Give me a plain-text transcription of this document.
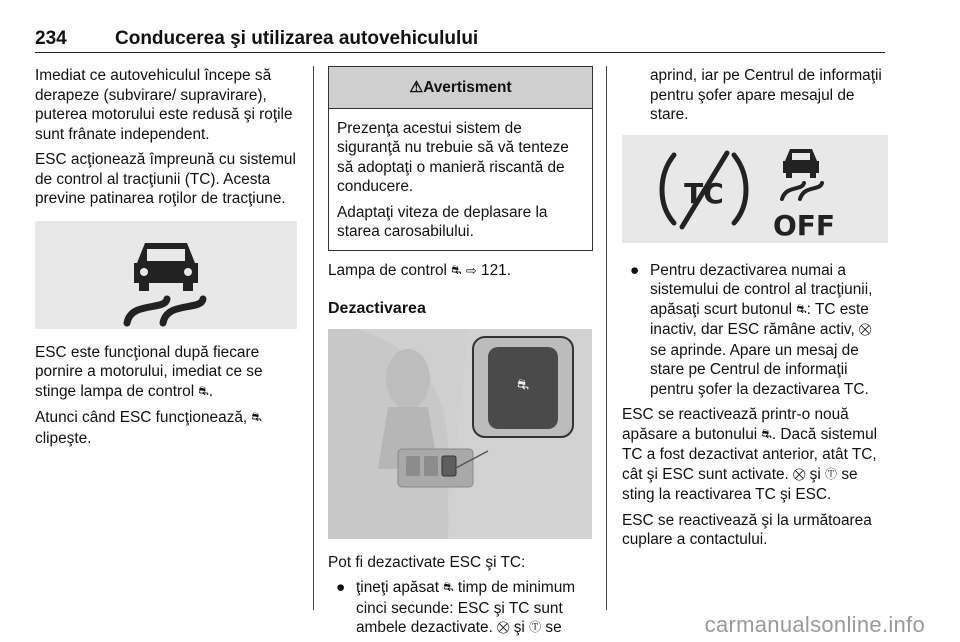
234	Conducerea şi utilizarea autovehiculului

Imediat ce autovehiculul începe să derapeze (subvirare/ supravirare), puterea motorului este redusă şi roţile sunt frânate independent.

ESC acţionează împreună cu sistemul de control al tracţiunii (TC). Acesta previne patinarea roţilor de tracţiune.

ESC este funcţional după fiecare pornire a motorului, imediat ce se stinge lampa de control ⛐.

Atunci când ESC funcţionează, ⛐ clipeşte.

⚠Avertisment

Prezenţa acestui sistem de siguranţă nu trebuie să vă tenteze să adoptaţi o manieră riscantă de conducere.

Adaptaţi viteza de deplasare la starea carosabilului.

Lampa de control ⛐ ⇨ 121.

Dezactivarea
⛐

Pot fi dezactivate ESC şi TC:

● ţineţi apăsat ⛐ timp de minimum cinci secunde: ESC şi TC sunt ambele dezactivate. ⛒ şi Ⓣ se

aprind, iar pe Centrul de informaţii pentru şofer apare mesajul de stare.

TC
OFF
● Pentru dezactivarea numai a sistemului de control al tracţiunii, apăsaţi scurt butonul ⛐: TC este inactiv, dar ESC rămâne activ, ⛒ se aprinde. Apare un mesaj de stare pe Centrul de informaţii pentru şofer la dezactivarea TC.

ESC se reactivează printr-o nouă apăsare a butonului ⛐. Dacă sistemul TC a fost dezactivat anterior, atât TC, cât şi ESC sunt activate. ⛒ şi Ⓣ se sting la reactivarea TC şi ESC.

ESC se reactivează şi la următoarea cuplare a contactului.

carmanualsonline.info
